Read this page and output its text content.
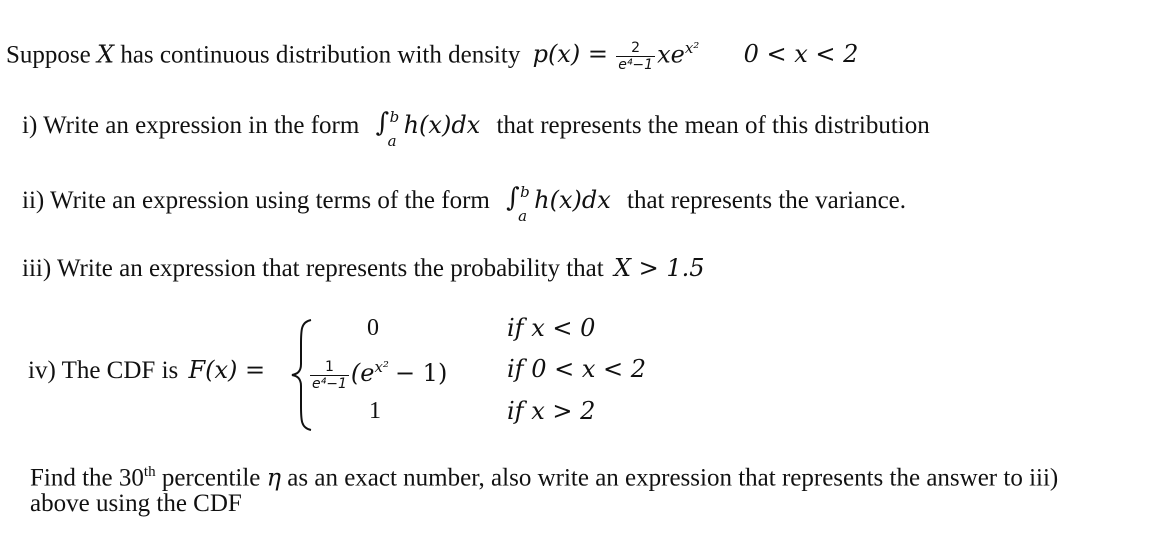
Suppose X has continuous distribution with density $p(x) = \frac{2}{\text{e⁴−1}} xe^{x^2}$ 0 < x < 2
i) Write an expression in the form ∫ b
a
h(x)dx that represents the mean of this distribution
ii) Write an expression using terms of the form ∫ b
a
h(x)dx that represents the variance.
iii) Write an expression that represents the probability that X > 1.5
iv) The CDF is F(x) =
0	if x < 0
$\frac{1}{\text{e⁴−1}} (e^{x^2} - 1)$ if 0 < x < 2
1	if x > 2
Find the 30th percentile η as an exact number, also write an expression that represents the answer to iii)
above using the CDF
